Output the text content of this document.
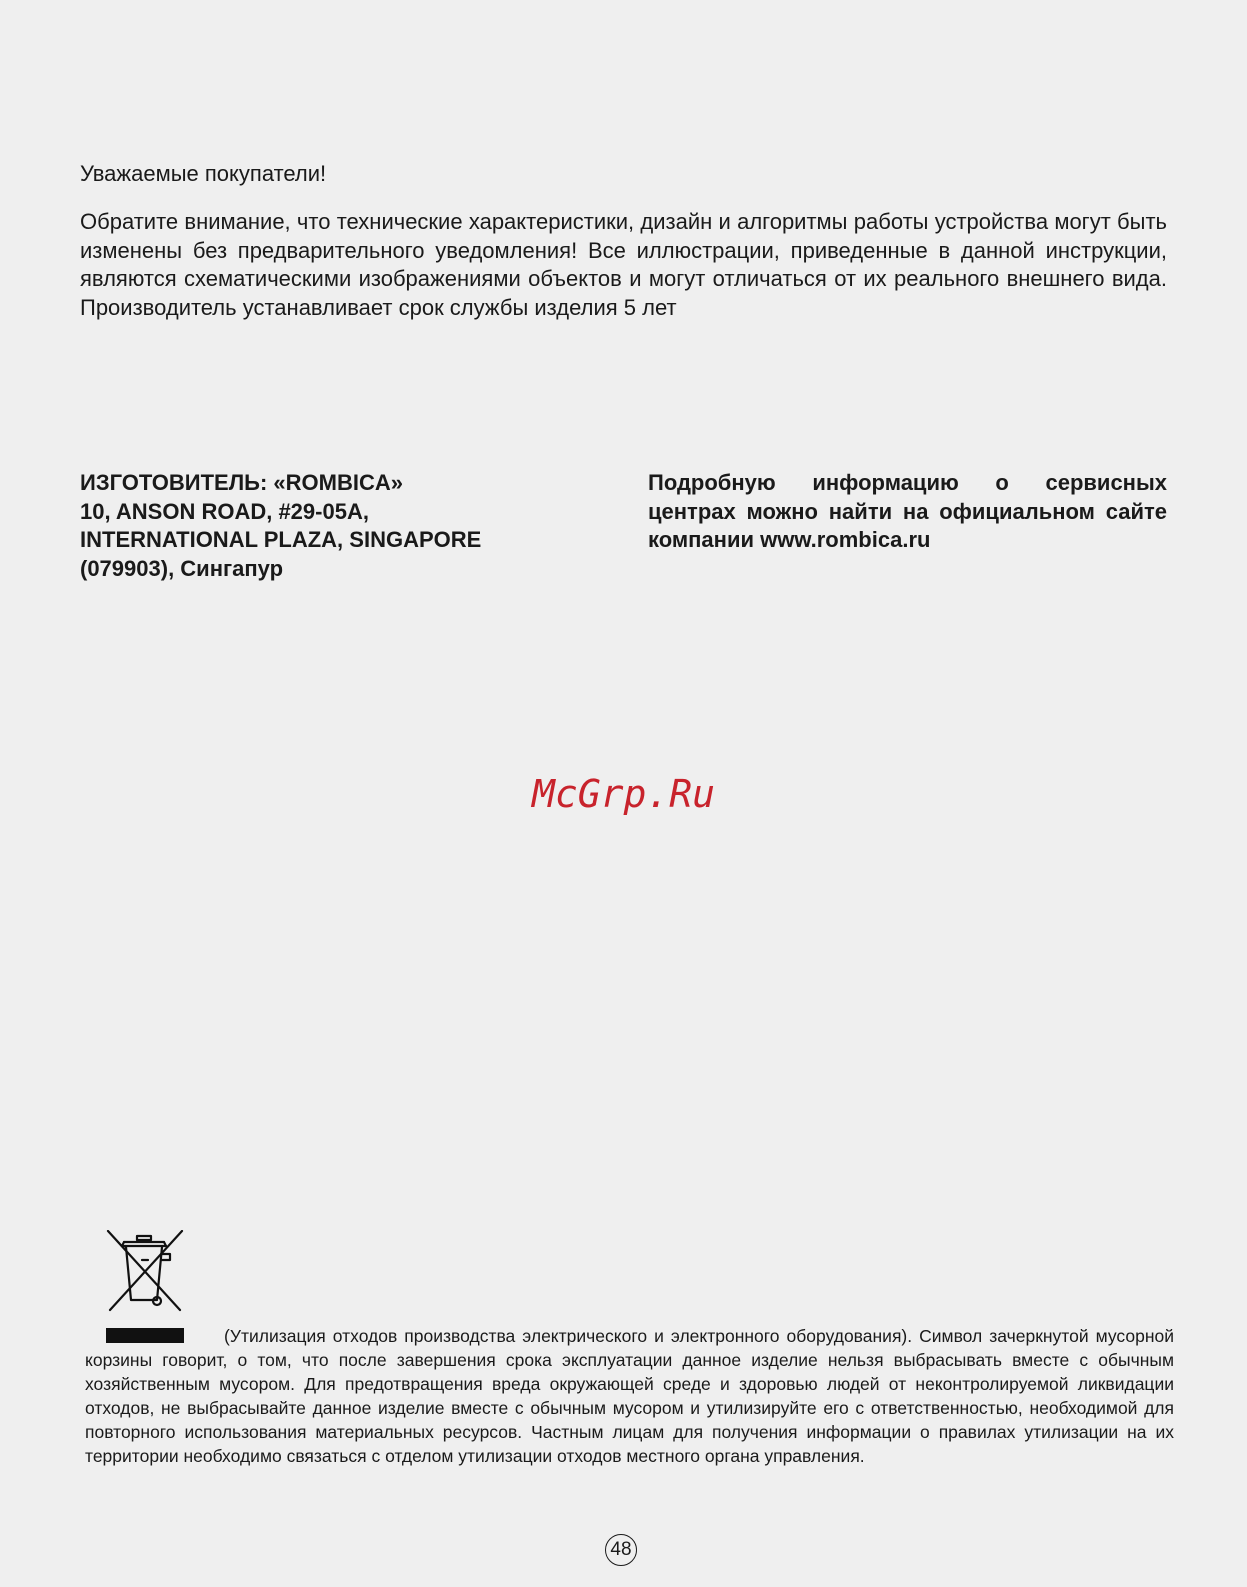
Уважаемые покупатели!

Обратите внимание, что технические характеристики, дизайн и алгоритмы работы устройства могут быть изменены без предварительного уведомления! Все иллюстрации, приведенные в данной инструкции, являются схематическими изображениями объектов и могут отличаться от их реального внешнего вида. Производитель устанавливает срок службы изделия 5 лет

ИЗГОТОВИТЕЛЬ: «ROMBICA»
10, ANSON ROAD, #29-05A,
INTERNATIONAL PLAZA, SINGAPORE
(079903), Сингапур

Подробную информацию о сервисных центрах можно найти на официальном сайте компании www.rombica.ru

McGrp.Ru

(Утилизация отходов производства электрического и электронного оборудования). Символ зачеркнутой мусорной корзины говорит, о том, что после завершения срока эксплуатации данное изделие нельзя выбрасывать вместе с обычным хозяйственным мусором. Для предотвращения вреда окружающей среде и здоровью людей от неконтролируемой ликвидации отходов, не выбрасывайте данное изделие вместе с обычным мусором и утилизируйте его с ответственностью, необходимой для повторного использования материальных ресурсов. Частным лицам для получения информации о правилах утилизации на их территории необходимо связаться с отделом утилизации отходов местного органа управления.

48
